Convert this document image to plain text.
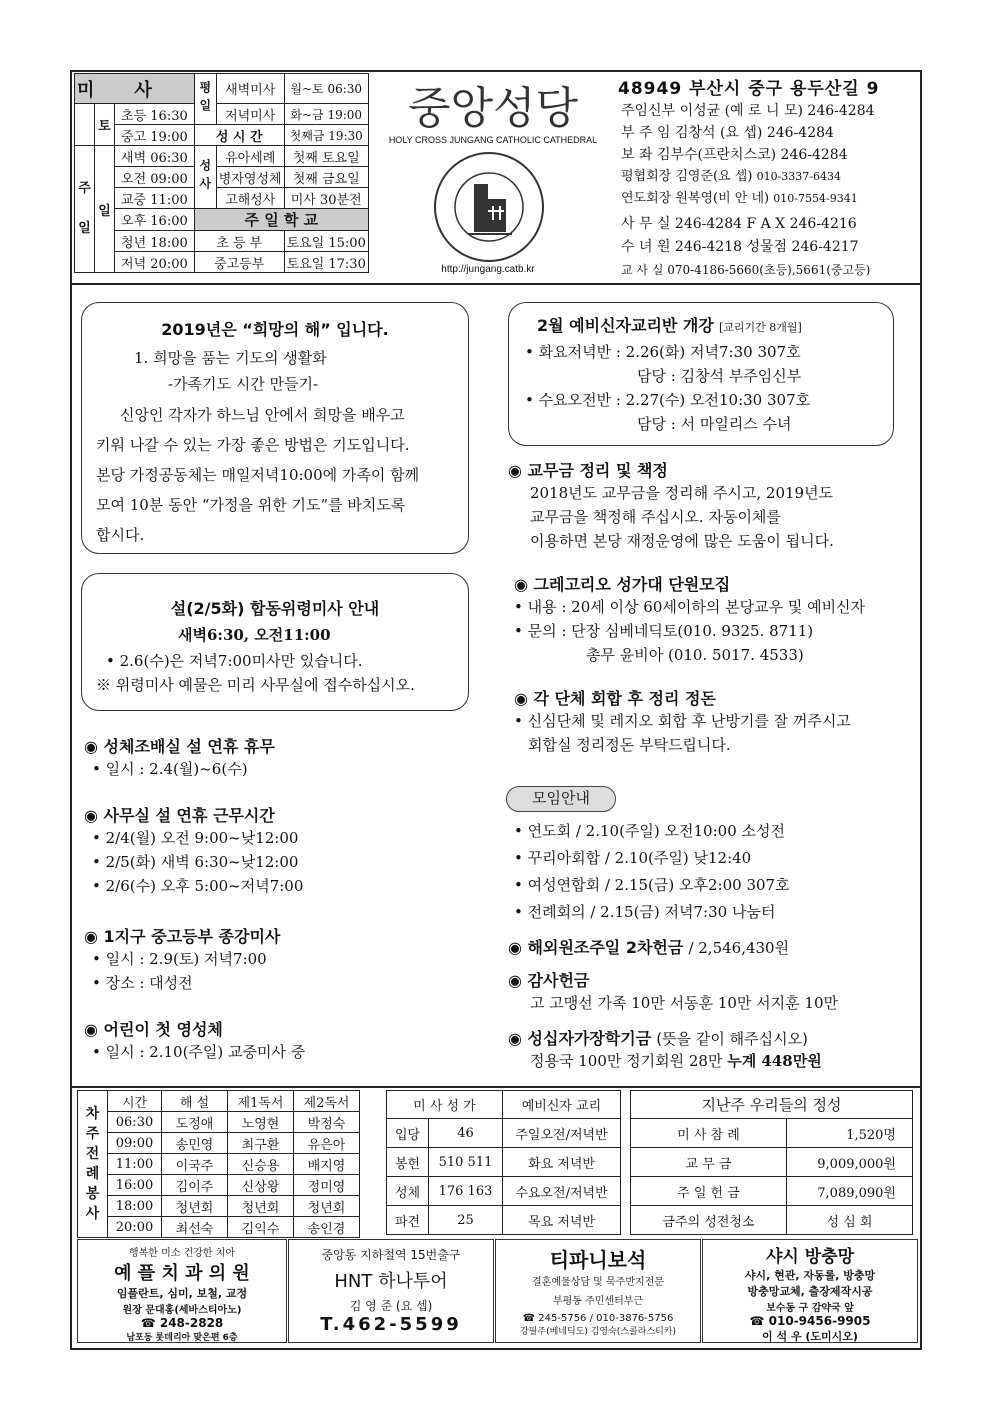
미사			평일	새벽미사	월~토 06:30
	토	초등 16:30		저녁미사	화~금 19:00
		중고 19:00	성 시 간		첫째금 19:30

주
일	일	새벽 06:30	성사	유아세례	첫째 토요일
		오전 09:00		병자영성체	첫째 금요일
		교중 11:00		고해성사	미사 30분전
		오후 16:00	주 일 학 교		
		청년 18:00	초 등 부		토요일 15:00
		저녁 20:00	중고등부		토요일 17:30
중앙성당
HOLY CROSS JUNGANG CATHOLIC CATHEDRAL
http://jungang.catb.kr
48949 부산시 중구 용두산길 9
주임신부 이성균 (예 로 니 모) 246-4284
부 주 임 김창석 (요 셉) 246-4284
보 좌 김부수(프란치스코) 246-4284
평협회장 김영준(요 셉) 010-3337-6434
연도회장 원복영(비 안 네) 010-7554-9341
사 무 실 246-4284 F A X 246-4216
수 녀 원 246-4218 성물점 246-4217
교 사 실 070-4186-5660(초등),5661(중고등)
2019년은 “희망의 해” 입니다.
1. 희망을 품는 기도의 생활화
-가족기도 시간 만들기-
신앙인 각자가 하느님 안에서 희망을 배우고
키워 나갈 수 있는 가장 좋은 방법은 기도입니다.
본당 가정공동체는 매일저녁10:00에 가족이 함께
모여 10분 동안 “가정을 위한 기도”를 바치도록
합시다.
설(2/5화) 합동위령미사 안내
새벽6:30, 오전11:00
• 2.6(수)은 저녁7:00미사만 있습니다.
※ 위령미사 예물은 미리 사무실에 접수하십시오.
◉ 성체조배실 설 연휴 휴무
• 일시 : 2.4(월)~6(수)
◉ 사무실 설 연휴 근무시간
• 2/4(월) 오전 9:00~낮12:00
• 2/5(화) 새벽 6:30~낮12:00
• 2/6(수) 오후 5:00~저녁7:00
◉ 1지구 중고등부 종강미사
• 일시 : 2.9(토) 저녁7:00
• 장소 : 대성전
◉ 어린이 첫 영성체
• 일시 : 2.10(주일) 교중미사 중
2월 예비신자교리반 개강 [교리기간 8개월]
• 화요저녁반 : 2.26(화) 저녁7:30 307호
담당 : 김창석 부주임신부
• 수요오전반 : 2.27(수) 오전10:30 307호
담당 : 서 마일리스 수녀
◉ 교무금 정리 및 책정
2018년도 교무금을 정리해 주시고, 2019년도
교무금을 책정해 주십시오. 자동이체를
이용하면 본당 재정운영에 많은 도움이 됩니다.
◉ 그레고리오 성가대 단원모집
• 내용 : 20세 이상 60세이하의 본당교우 및 예비신자
• 문의 : 단장 심베네딕토(010. 9325. 8711)
총무 윤비아 (010. 5017. 4533)
◉ 각 단체 회합 후 정리 정돈
• 신심단체 및 레지오 회합 후 난방기를 잘 꺼주시고
회합실 정리정돈 부탁드립니다.
모임안내
• 연도회 / 2.10(주일) 오전10:00 소성전
• 꾸리아회합 / 2.10(주일) 낮12:40
• 여성연합회 / 2.15(금) 오후2:00 307호
• 전례회의 / 2.15(금) 저녁7:30 나눔터
◉ 해외원조주일 2차헌금 / 2,546,430원
◉ 감사헌금
고 고맹선 가족 10만 서동훈 10만 서지훈 10만
◉ 성십자가장학기금 (뜻을 같이 해주십시오)
정용국 100만 정기회원 28만 누계 448만원
차주전례봉사	시간	해 설	제1독서	제2독서
	06:30	도정애	노영현	박정숙
	09:00	송민영	최구환	유은아
	11:00	이국주	신승용	배지영
	16:00	김이주	신상왕	정미영
	18:00	청년회	청년회	청년회
	20:00	최선숙	김익수	송인경
미 사 성 가		예비신자 교리
입당	46	주일오전/저녁반
봉헌	510 511	화요 저녁반
성체	176 163	수요오전/저녁반
파견	25	목요 저녁반
지난주 우리들의 정성	
미 사 참 례	1,520명
교 무 금	9,009,000원
주 일 헌 금	7,089,090원
금주의 성전청소	성 심 회
행복한 미소 건강한 치아
예 플 치 과 의 원
임플란트, 심미, 보철, 교정
원장 문대홍(세바스티아노)
☎ 248-2828
남포동 롯데리아 맞은편 6층
중앙동 지하철역 15번출구
HNT 하나투어
김 영 준 (요 셉)
T.462-5599
티파니보석
결혼예물상담 및 묵주반지전문
부평동 주민센터부근
☎ 245-5756 / 010-3876-5756
강필주(베네딕도) 김영숙(스콜라스티카)
샤시 방충망
샤시, 현관, 자동롤, 방충망
방충망교체, 출장제작시공
보수동 구 감약국 앞
☎ 010-9456-9905
이 석 우 (도미시오)
